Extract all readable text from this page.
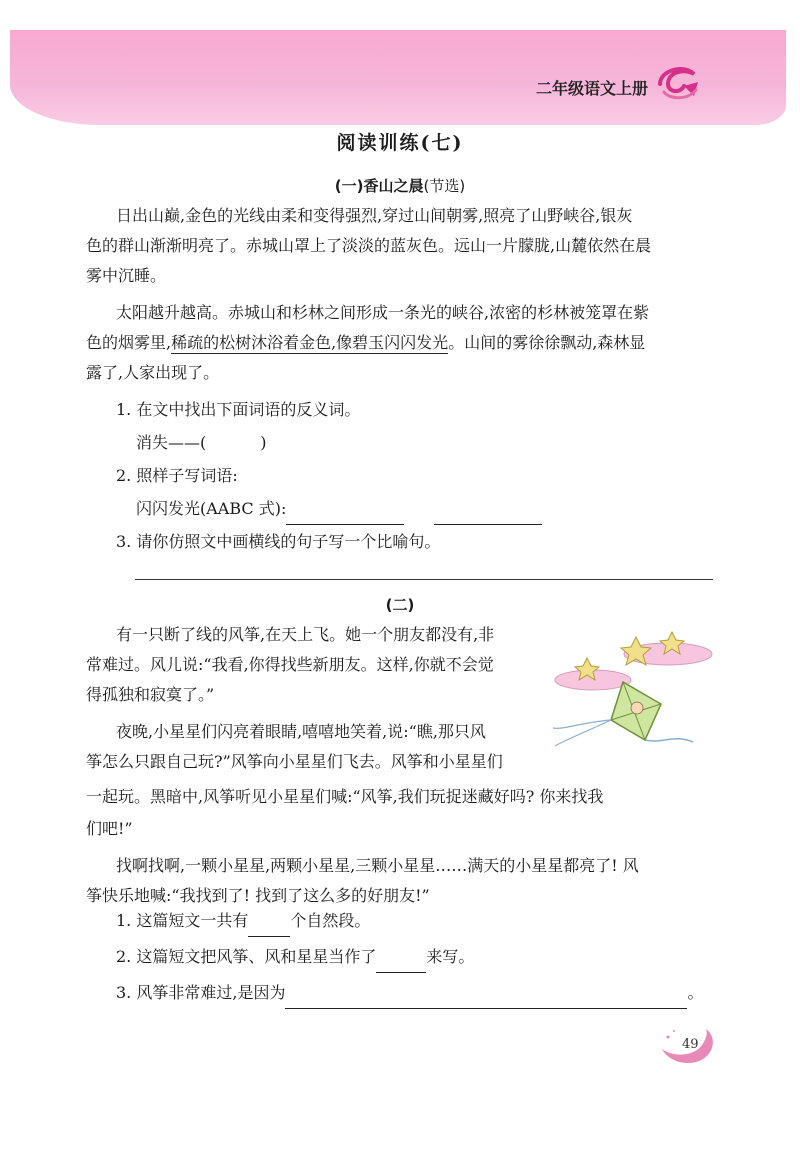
二年级语文上册
阅读训练(七)
(一)香山之晨(节选)
日出山巅,金色的光线由柔和变得强烈,穿过山间朝雾,照亮了山野峡谷,银灰
色的群山渐渐明亮了。赤城山罩上了淡淡的蓝灰色。远山一片朦胧,山麓依然在晨
雾中沉睡。
太阳越升越高。赤城山和杉林之间形成一条光的峡谷,浓密的杉林被笼罩在紫
色的烟雾里,稀疏的松树沐浴着金色,像碧玉闪闪发光。山间的雾徐徐飘动,森林显
露了,人家出现了。
1. 在文中找出下面词语的反义词。
消失——(	)
2. 照样子写词语:
闪闪发光(AABC 式):
3. 请你仿照文中画横线的句子写一个比喻句。
(二)
有一只断了线的风筝,在天上飞。她一个朋友都没有,非
常难过。风儿说:“我看,你得找些新朋友。这样,你就不会觉
得孤独和寂寞了。”
夜晚,小星星们闪亮着眼睛,嘻嘻地笑着,说:“瞧,那只风
筝怎么只跟自己玩?”风筝向小星星们飞去。风筝和小星星们
一起玩。黑暗中,风筝听见小星星们喊:“风筝,我们玩捉迷藏好吗? 你来找我
们吧!”
找啊找啊,一颗小星星,两颗小星星,三颗小星星……满天的小星星都亮了! 风
筝快乐地喊:“我找到了! 找到了这么多的好朋友!”
1. 这篇短文一共有	个自然段。
2. 这篇短文把风筝、风和星星当作了	来写。
3. 风筝非常难过,是因为	。
49
